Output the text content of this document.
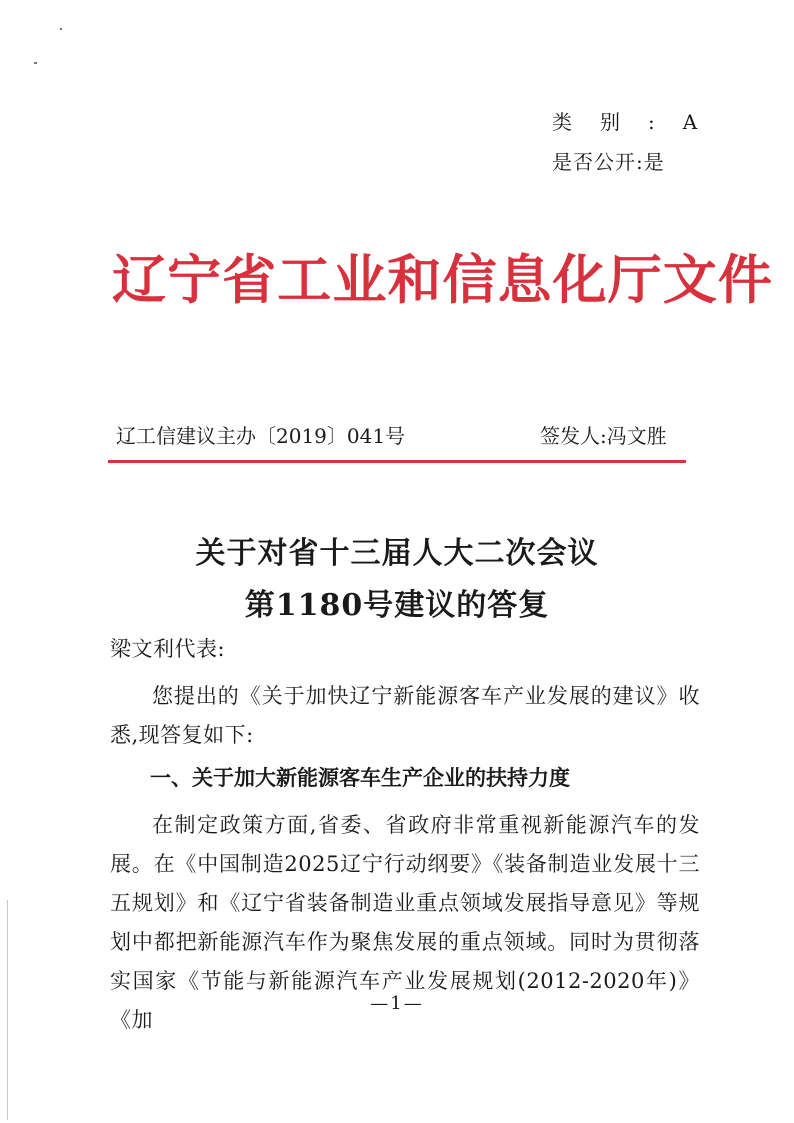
类别:A
是否公开:是
辽宁省工业和信息化厅文件
辽工信建议主办〔2019〕041号	签发人:冯文胜
关于对省十三届人大二次会议
第1180号建议的答复
梁文利代表:
您提出的《关于加快辽宁新能源客车产业发展的建议》收悉,现答复如下:
一、关于加大新能源客车生产企业的扶持力度
在制定政策方面,省委、省政府非常重视新能源汽车的发展。在《中国制造2025辽宁行动纲要》《装备制造业发展十三五规划》和《辽宁省装备制造业重点领域发展指导意见》等规划中都把新能源汽车作为聚焦发展的重点领域。同时为贯彻落实国家《节能与新能源汽车产业发展规划(2012-2020年)》《加
—1—
